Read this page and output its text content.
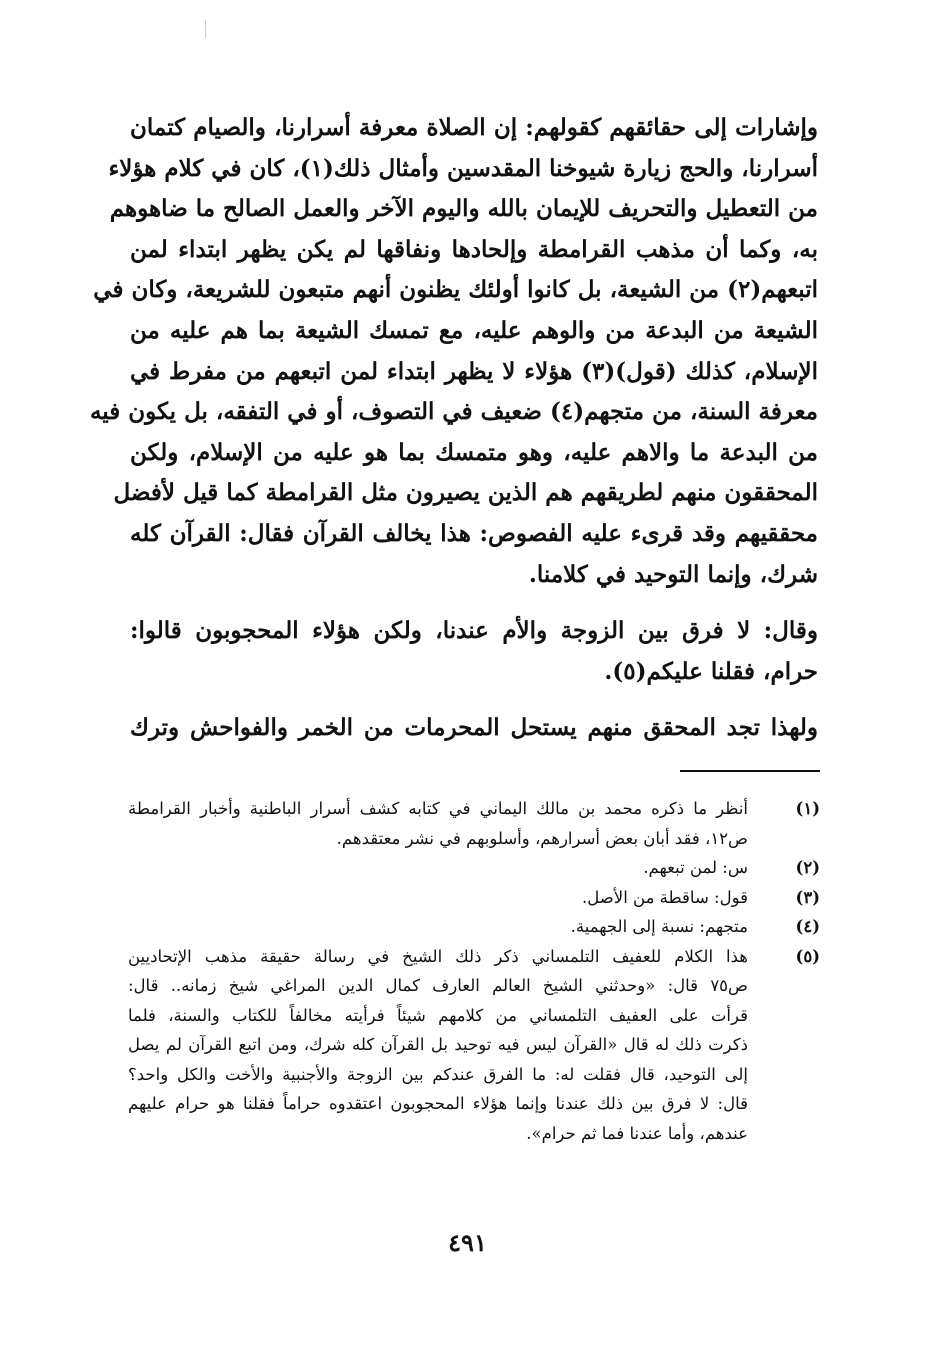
وإشارات إلى حقائقهم كقولهم: إن الصلاة معرفة أسرارنا، والصيام كتمان
أسرارنا، والحج زيارة شيوخنا المقدسين وأمثال ذلك(١)، كان في كلام هؤلاء
من التعطيل والتحريف للإيمان بالله واليوم الآخر والعمل الصالح ما ضاهوهم
به، وكما أن مذهب القرامطة وإلحادها ونفاقها لم يكن يظهر ابتداء لمن
اتبعهم(٢) من الشيعة، بل كانوا أولئك يظنون أنهم متبعون للشريعة، وكان في
الشيعة من البدعة من والوهم عليه، مع تمسك الشيعة بما هم عليه من
الإسلام، كذلك (قول)(٣) هؤلاء لا يظهر ابتداء لمن اتبعهم من مفرط في
معرفة السنة، من متجهم(٤) ضعيف في التصوف، أو في التفقه، بل يكون فيه
من البدعة ما والاهم عليه، وهو متمسك بما هو عليه من الإسلام، ولكن
المحققون منهم لطريقهم هم الذين يصيرون مثل القرامطة كما قيل لأفضل
محققيهم وقد قرىء عليه الفصوص: هذا يخالف القرآن فقال: القرآن كله
شرك، وإنما التوحيد في كلامنا.
وقال: لا فرق بين الزوجة والأم عندنا، ولكن هؤلاء المحجوبون قالوا:
حرام، فقلنا عليكم(٥).
ولهذا تجد المحقق منهم يستحل المحرمات من الخمر والفواحش وترك
(١)
أنظر ما ذكره محمد بن مالك اليماني في كتابه كشف أسرار الباطنية وأخبار القرامطة
ص١٢، فقد أبان بعض أسرارهم، وأسلوبهم في نشر معتقدهم.
(٢)
س: لمن تبعهم.
(٣)
قول: ساقطة من الأصل.
(٤)
متجهم: نسبة إلى الجهمية.
(٥)
هذا الكلام للعفيف التلمساني ذكر ذلك الشيخ في رسالة حقيقة مذهب الإتحاديين
ص٧٥ قال: «وحدثني الشيخ العالم العارف كمال الدين المراغي شيخ زمانه.. قال:
قرأت على العفيف التلمساني من كلامهم شيئاً فرأيته مخالفاً للكتاب والسنة، فلما
ذكرت ذلك له قال «القرآن ليس فيه توحيد بل القرآن كله شرك، ومن اتبع القرآن لم يصل
إلى التوحيد، قال فقلت له: ما الفرق عندكم بين الزوجة والأجنبية والأخت والكل واحد؟
قال: لا فرق بين ذلك عندنا وإنما هؤلاء المحجوبون اعتقدوه حراماً فقلنا هو حرام عليهم
عندهم، وأما عندنا فما ثم حرام».
٤٩١
